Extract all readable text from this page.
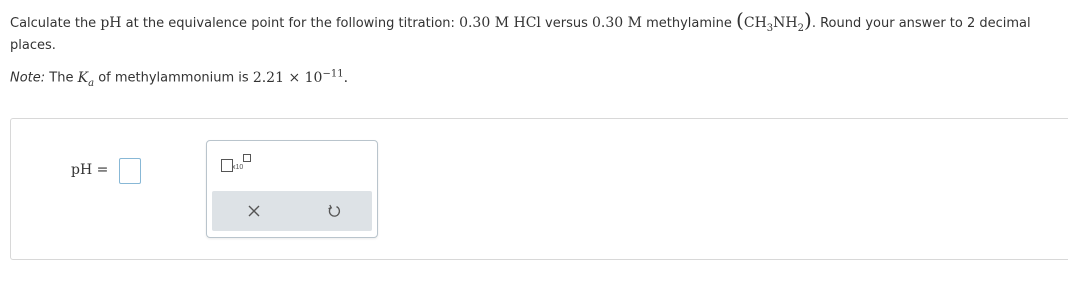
Calculate the pH at the equivalence point for the following titration: 0.30 M HCl versus 0.30 M methylamine $(CH_3NH_2)$. Round your answer to 2 decimal
places.
Note: The $K_a$ of methylammonium is $2.21 \times 10^{-11}$.
pH =	x10
